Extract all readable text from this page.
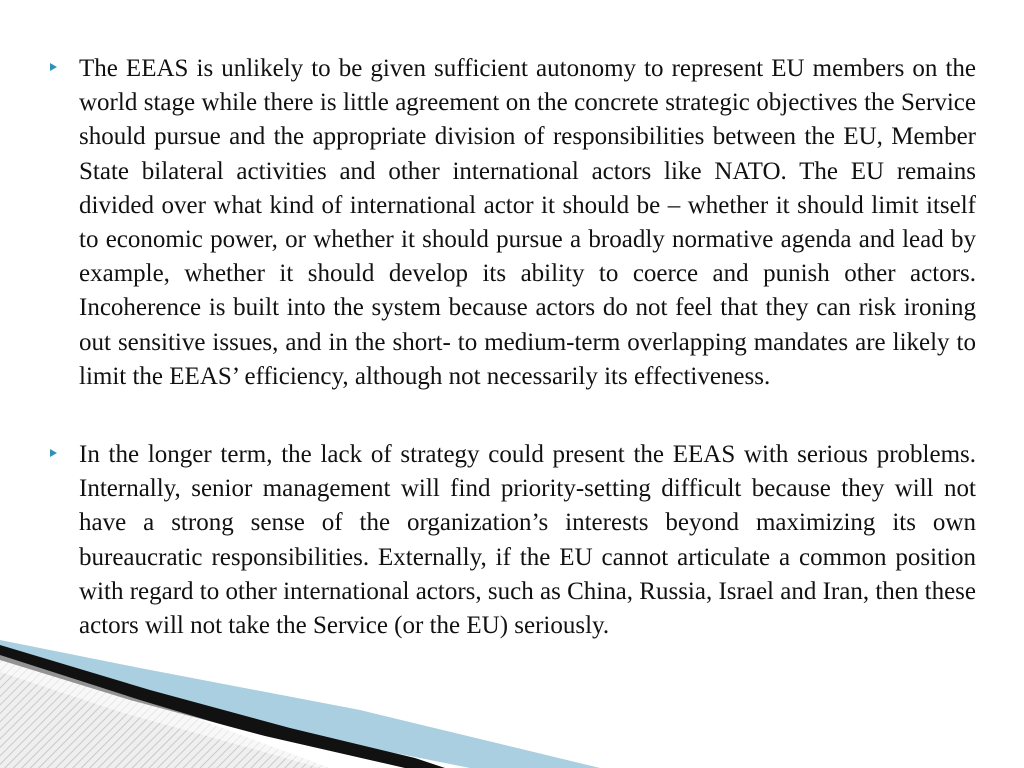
The EEAS is unlikely to be given sufficient autonomy to represent EU members on the world stage while there is little agreement on the concrete strategic objectives the Service should pursue and the appropriate division of responsibilities between the EU, Member State bilateral activities and other international actors like NATO. The EU remains divided over what kind of international actor it should be – whether it should limit itself to economic power, or whether it should pursue a broadly normative agenda and lead by example, whether it should develop its ability to coerce and punish other actors. Incoherence is built into the system because actors do not feel that they can risk ironing out sensitive issues, and in the short- to medium-term overlapping mandates are likely to limit the EEAS’ efficiency, although not necessarily its effectiveness.
In the longer term, the lack of strategy could present the EEAS with serious problems. Internally, senior management will find priority-setting difficult because they will not have a strong sense of the organization’s interests beyond maximizing its own bureaucratic responsibilities. Externally, if the EU cannot articulate a common position with regard to other international actors, such as China, Russia, Israel and Iran, then these actors will not take the Service (or the EU) seriously.
